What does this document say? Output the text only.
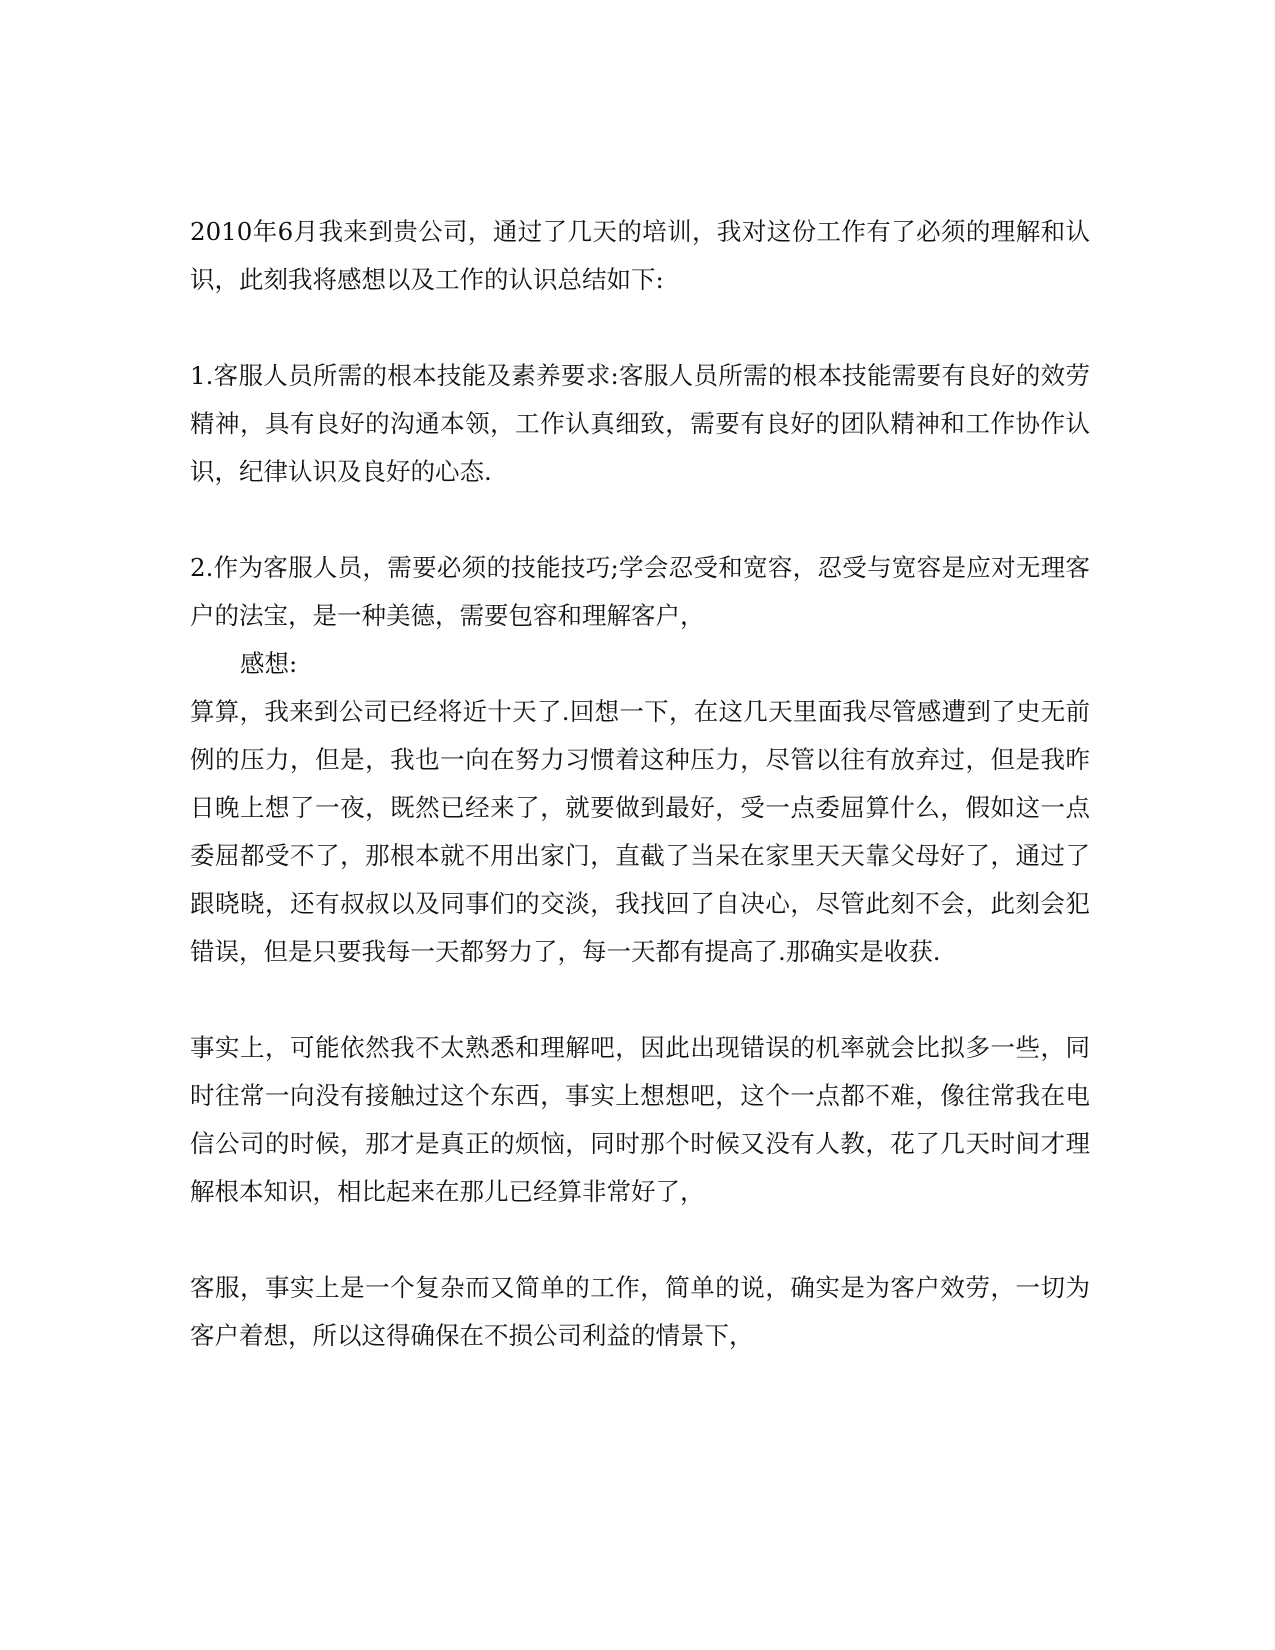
2010年6月我来到贵公司，通过了几天的培训，我对这份工作有了必须的理解和认识，此刻我将感想以及工作的认识总结如下:

1.客服人员所需的根本技能及素养要求:客服人员所需的根本技能需要有良好的效劳精神，具有良好的沟通本领，工作认真细致，需要有良好的团队精神和工作协作认识，纪律认识及良好的心态.

2.作为客服人员，需要必须的技能技巧;学会忍受和宽容，忍受与宽容是应对无理客户的法宝，是一种美德，需要包容和理解客户，

感想:

算算，我来到公司已经将近十天了.回想一下，在这几天里面我尽管感遭到了史无前例的压力，但是，我也一向在努力习惯着这种压力，尽管以往有放弃过，但是我昨日晚上想了一夜，既然已经来了，就要做到最好，受一点委屈算什么，假如这一点委屈都受不了，那根本就不用出家门，直截了当呆在家里天天靠父母好了，通过了跟晓晓，还有叔叔以及同事们的交淡，我找回了自决心，尽管此刻不会，此刻会犯错误，但是只要我每一天都努力了，每一天都有提高了.那确实是收获.

事实上，可能依然我不太熟悉和理解吧，因此出现错误的机率就会比拟多一些，同时往常一向没有接触过这个东西，事实上想想吧，这个一点都不难，像往常我在电信公司的时候，那才是真正的烦恼，同时那个时候又没有人教，花了几天时间才理解根本知识，相比起来在那儿已经算非常好了，

客服，事实上是一个复杂而又简单的工作，简单的说，确实是为客户效劳，一切为客户着想，所以这得确保在不损公司利益的情景下，
